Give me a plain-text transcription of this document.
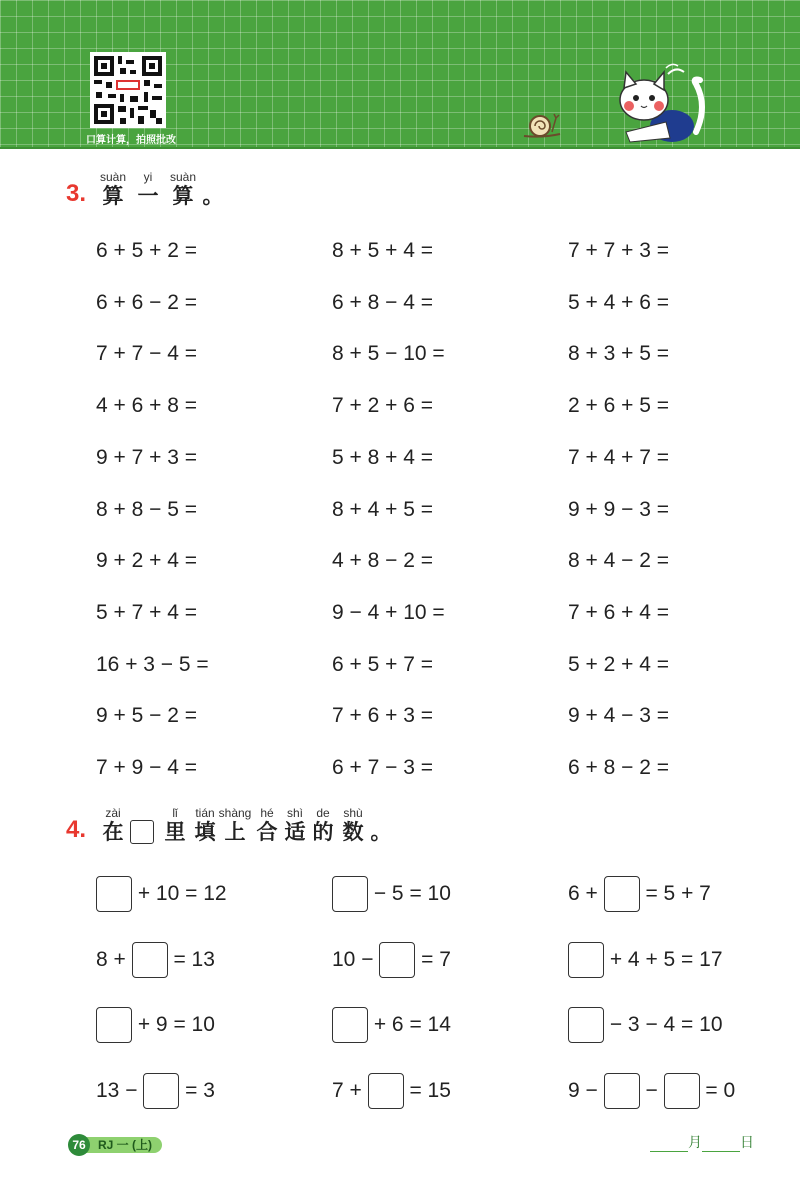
口算计算，拍照批改
3.
suàn
算
yi
一
suàn
算 。
6 + 5 + 2 =	8 + 5 + 4 =	7 + 7 + 3 =
6 + 6 − 2 =	6 + 8 − 4 =	5 + 4 + 6 =
7 + 7 − 4 =	8 + 5 − 10 =	8 + 3 + 5 =
4 + 6 + 8 =	7 + 2 + 6 =	2 + 6 + 5 =
9 + 7 + 3 =	5 + 8 + 4 =	7 + 4 + 7 =
8 + 8 − 5 =	8 + 4 + 5 =	9 + 9 − 3 =
9 + 2 + 4 =	4 + 8 − 2 =	8 + 4 − 2 =
5 + 7 + 4 =	9 − 4 + 10 =	7 + 6 + 4 =
16 + 3 − 5 =	6 + 5 + 7 =	5 + 2 + 4 =
9 + 5 − 2 =	7 + 6 + 3 =	9 + 4 − 3 =
7 + 9 − 4 =	6 + 7 − 3 =	6 + 8 − 2 =
4.
zài
在
lǐ
里
tián
填
shàng
上
hé
合
shì
适
de
的
shù
数 。
+ 10 = 12	− 5 = 10	6 + = 5 + 7
8 + = 13	10 − = 7	+ 4 + 5 = 17
+ 9 = 10	+ 6 = 14	− 3 − 4 = 10
13 − = 3	7 + = 15	9 − − = 0
RJ 一 (上)
76	月	日
